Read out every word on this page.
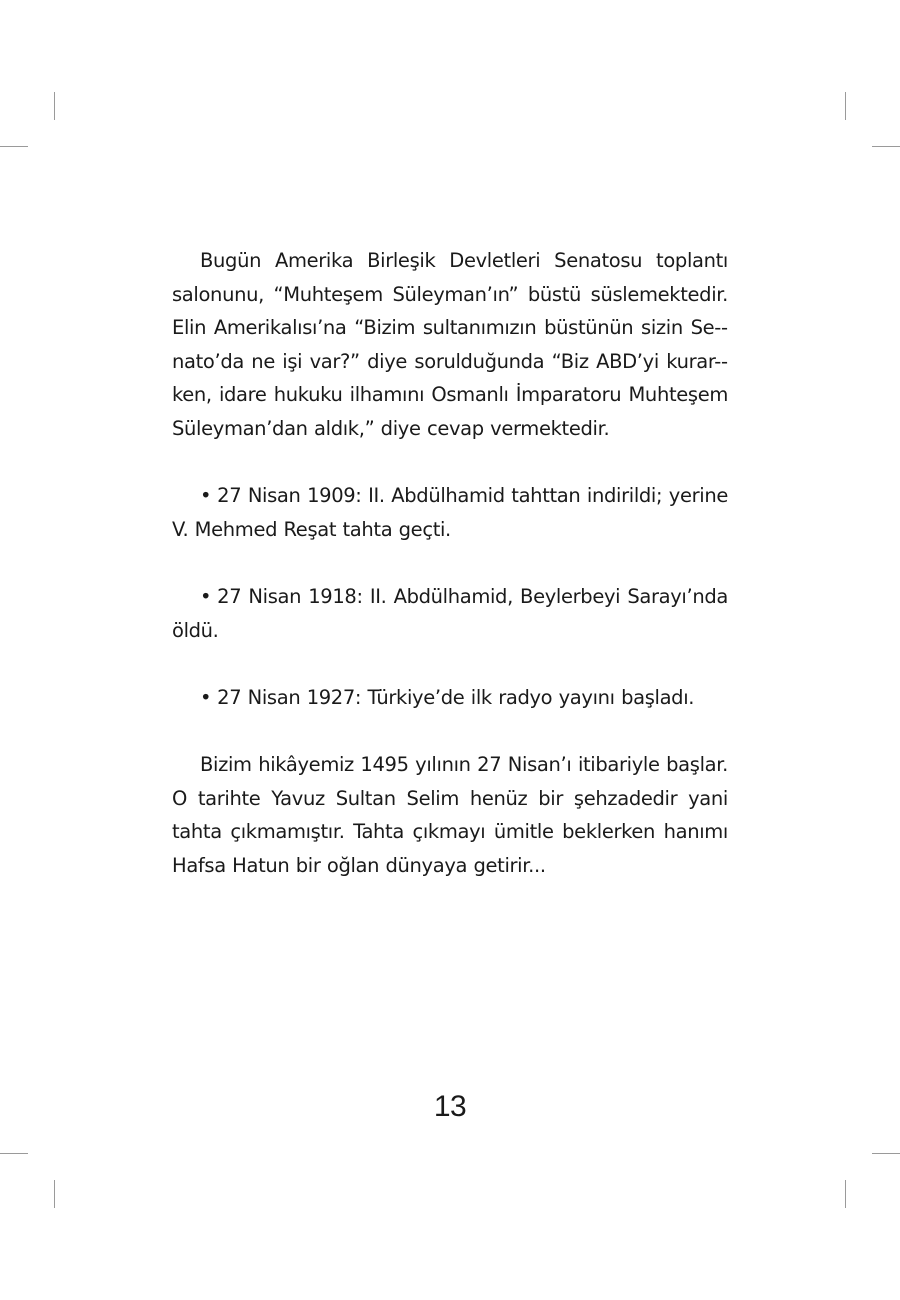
Bugün Amerika Birleşik Devletleri Senatosu toplantı salonunu, “Muhteşem Süleyman’ın” büstü süslemektedir. Elin Amerikalısı’na “Bizim sultanımızın büstünün sizin Se-nato’da ne işi var?” diye sorulduğunda “Biz ABD’yi kurar-ken, idare hukuku ilhamını Osmanlı İmparatoru Muhteşem Süleyman’dan aldık,” diye cevap vermektedir.

• 27 Nisan 1909: II. Abdülhamid tahttan indirildi; yerine V. Mehmed Reşat tahta geçti.

• 27 Nisan 1918: II. Abdülhamid, Beylerbeyi Sarayı’nda öldü.

• 27 Nisan 1927: Türkiye’de ilk radyo yayını başladı.

Bizim hikâyemiz 1495 yılının 27 Nisan’ı itibariyle başlar. O tarihte Yavuz Sultan Selim henüz bir şehzadedir yani tahta çıkmamıştır. Tahta çıkmayı ümitle beklerken hanımı Hafsa Hatun bir oğlan dünyaya getirir...

13
